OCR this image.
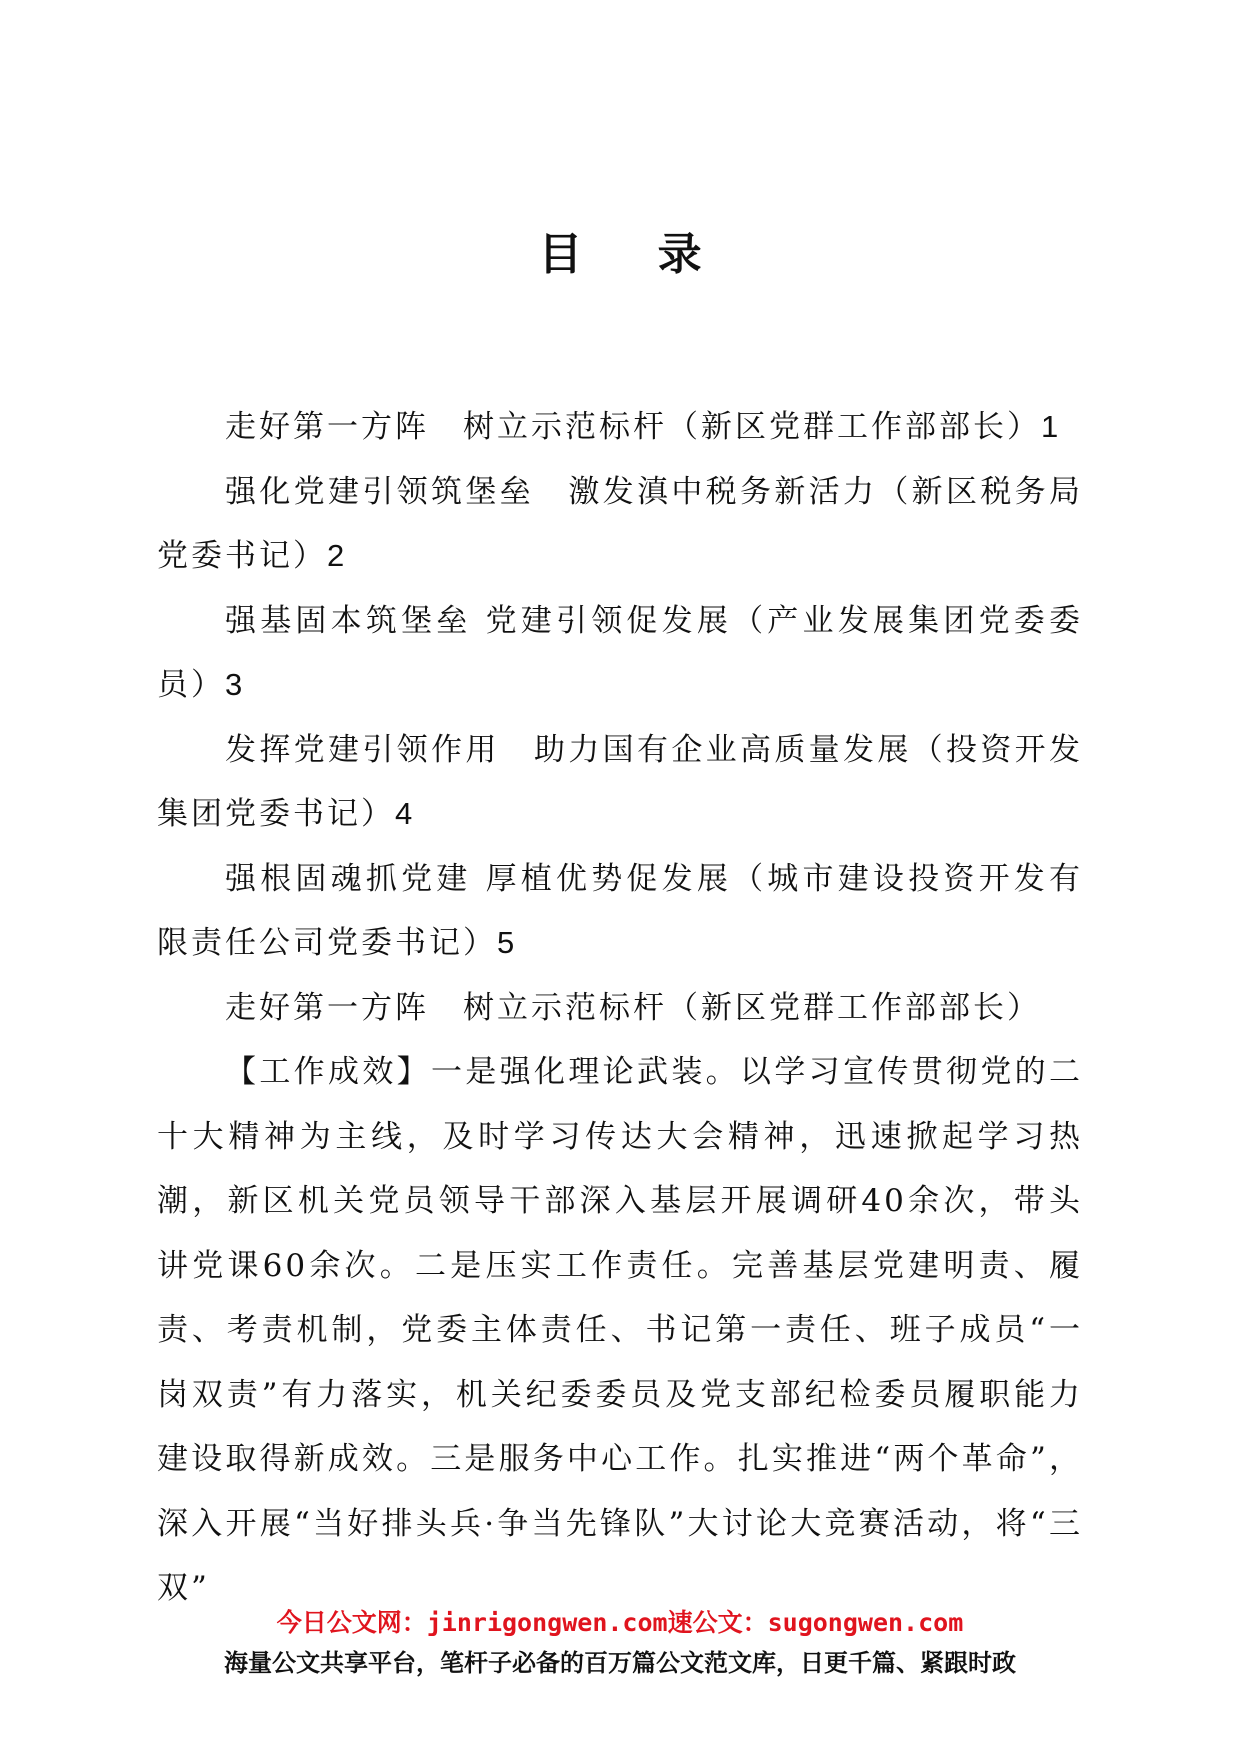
目 录

走好第一方阵　树立示范标杆（新区党群工作部部长）1

强化党建引领筑堡垒　激发滇中税务新活力（新区税务局党委书记）2

强基固本筑堡垒 党建引领促发展（产业发展集团党委委员）3

发挥党建引领作用　助力国有企业高质量发展（投资开发集团党委书记）4

强根固魂抓党建 厚植优势促发展（城市建设投资开发有限责任公司党委书记）5

走好第一方阵　树立示范标杆（新区党群工作部部长）

【工作成效】一是强化理论武装。以学习宣传贯彻党的二十大精神为主线，及时学习传达大会精神，迅速掀起学习热潮，新区机关党员领导干部深入基层开展调研40余次，带头讲党课60余次。二是压实工作责任。完善基层党建明责、履责、考责机制，党委主体责任、书记第一责任、班子成员“一岗双责”有力落实，机关纪委委员及党支部纪检委员履职能力建设取得新成效。三是服务中心工作。扎实推进“两个革命”，深入开展“当好排头兵·争当先锋队”大讨论大竞赛活动，将“三双”

今日公文网：jinrigongwen.com速公文：sugongwen.com
海量公文共享平台，笔杆子必备的百万篇公文范文库，日更千篇、紧跟时政
